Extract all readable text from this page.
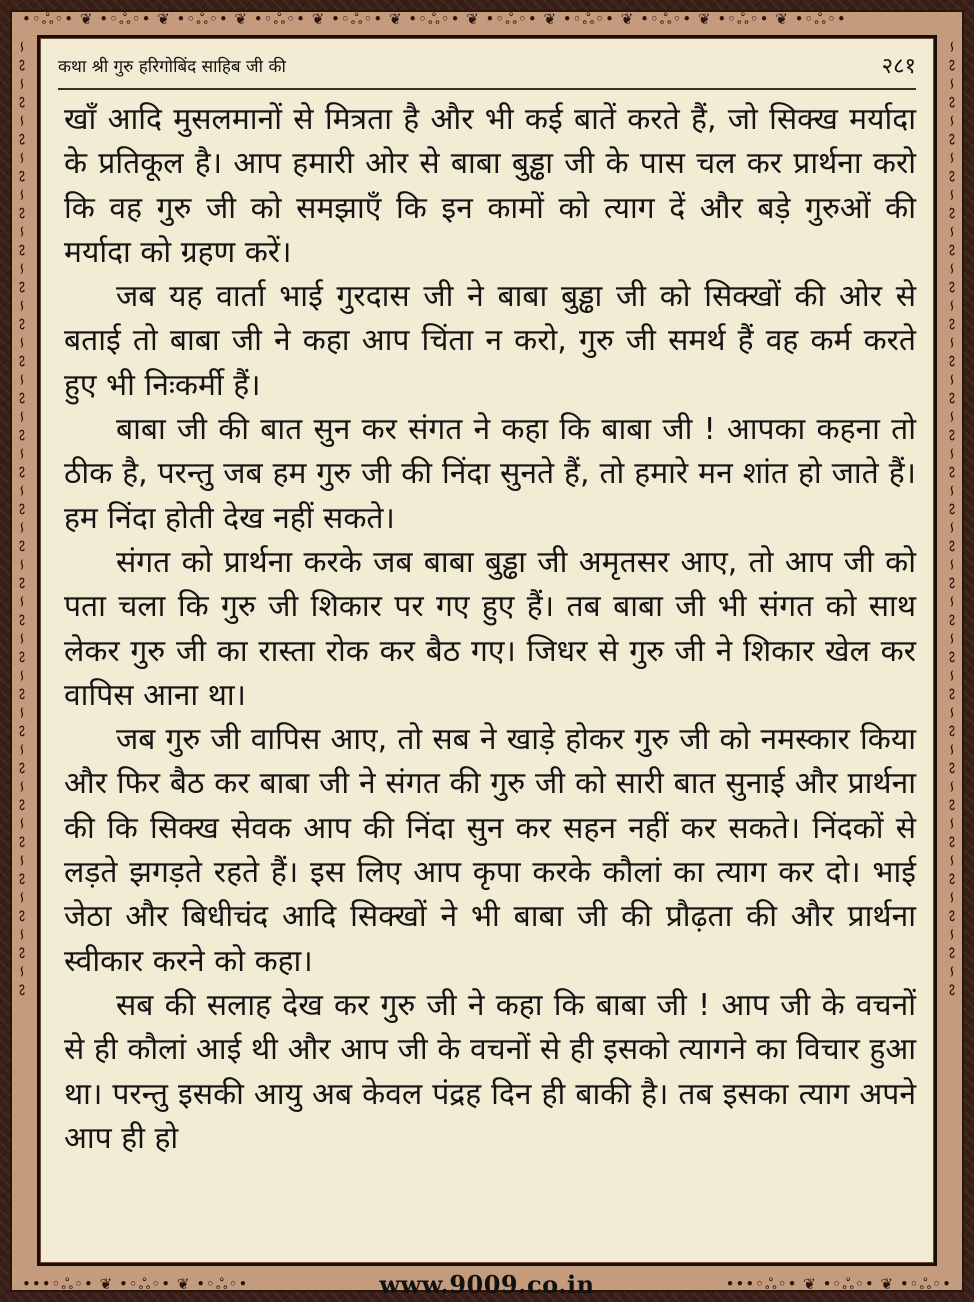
•◦ஃ◦• ❦ •◦ஃ◦• ❦ •◦ஃ◦• ❦ •◦ஃ◦• ❦ •◦ஃ◦• ❦ •◦ஃ◦• ❦ •◦ஃ◦• ❦ •◦ஃ◦• ❦ •◦ஃ◦• ❦ •◦ஃ◦• ❦ •◦ஃ◦•
∽ ∾ ∽ ∾ ∽ ∾ ∽ ∾ ∽ ∾ ∽ ∾ ∽ ∾ ∽ ∾ ∽ ∾ ∽ ∾ ∽ ∾ ∽ ∾ ∽ ∾ ∽ ∾ ∽ ∾ ∽ ∾ ∽ ∾ ∽ ∾ ∽ ∾ ∽ ∾ ∽ ∾ ∽ ∾ ∽ ∾ ∽ ∾ ∽ ∾ ∽ ∾	∽ ∾ ∽ ∾ ∽ ∾ ∽ ∾ ∽ ∾ ∽ ∾ ∽ ∾ ∽ ∾ ∽ ∾ ∽ ∾ ∽ ∾ ∽ ∾ ∽ ∾ ∽ ∾ ∽ ∾ ∽ ∾ ∽ ∾ ∽ ∾ ∽ ∾ ∽ ∾ ∽ ∾ ∽ ∾ ∽ ∾ ∽ ∾ ∽ ∾ ∽ ∾
•••◦ஃ◦• ❦ •◦ஃ◦• ❦ •◦ஃ◦•	•••◦ஃ◦• ❦ •◦ஃ◦• ❦ •◦ஃ◦•
कथा श्री गुरु हरिगोबिंद साहिब जी की	२८१

खाँ आदि मुसलमानों से मित्रता है और भी कई बातें करते हैं, जो सिक्ख मर्यादा के प्रतिकूल है। आप हमारी ओर से बाबा बुड्ढा जी के पास चल कर प्रार्थना करो कि वह गुरु जी को समझाएँ कि इन कामों को त्याग दें और बड़े गुरुओं की मर्यादा को ग्रहण करें।

जब यह वार्ता भाई गुरदास जी ने बाबा बुड्ढा जी को सिक्खों की ओर से बताई तो बाबा जी ने कहा आप चिंता न करो, गुरु जी समर्थ हैं वह कर्म करते हुए भी निःकर्मी हैं।

बाबा जी की बात सुन कर संगत ने कहा कि बाबा जी ! आपका कहना तो ठीक है, परन्तु जब हम गुरु जी की निंदा सुनते हैं, तो हमारे मन शांत हो जाते हैं। हम निंदा होती देख नहीं सकते।

संगत को प्रार्थना करके जब बाबा बुड्ढा जी अमृतसर आए, तो आप जी को पता चला कि गुरु जी शिकार पर गए हुए हैं। तब बाबा जी भी संगत को साथ लेकर गुरु जी का रास्ता रोक कर बैठ गए। जिधर से गुरु जी ने शिकार खेल कर वापिस आना था।

जब गुरु जी वापिस आए, तो सब ने खाड़े होकर गुरु जी को नमस्कार किया और फिर बैठ कर बाबा जी ने संगत की गुरु जी को सारी बात सुनाई और प्रार्थना की कि सिक्ख सेवक आप की निंदा सुन कर सहन नहीं कर सकते। निंदकों से लड़ते झगड़ते रहते हैं। इस लिए आप कृपा करके कौलां का त्याग कर दो। भाई जेठा और बिधीचंद आदि सिक्खों ने भी बाबा जी की प्रौढ़ता की और प्रार्थना स्वीकार करने को कहा।

सब की सलाह देख कर गुरु जी ने कहा कि बाबा जी ! आप जी के वचनों से ही कौलां आई थी और आप जी के वचनों से ही इसको त्यागने का विचार हुआ था। परन्तु इसकी आयु अब केवल पंद्रह दिन ही बाकी है। तब इसका त्याग अपने आप ही हो

www.9009.co.in
